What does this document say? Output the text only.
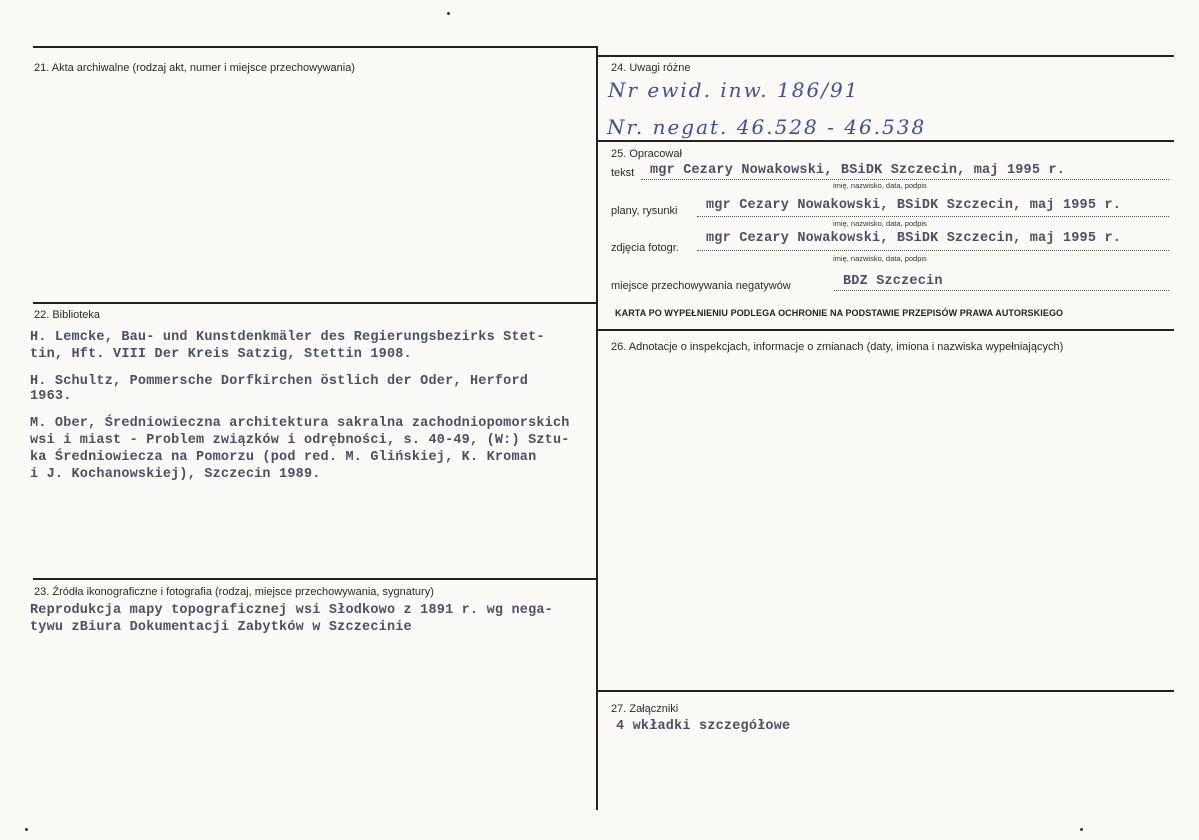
21. Akta archiwalne (rodzaj akt, numer i miejsce przechowywania)
22. Biblioteka
H. Lemcke, Bau- und Kunstdenkmäler des Regierungsbezirks Stet-
tin, Hft. VIII Der Kreis Satzig, Stettin 1908.
H. Schultz, Pommersche Dorfkirchen östlich der Oder, Herford
1963.
M. Ober, Średniowieczna architektura sakralna zachodniopomorskich
wsi i miast - Problem związków i odrębności, s. 40-49, (W:) Sztu-
ka Średniowiecza na Pomorzu (pod red. M. Glińskiej, K. Kroman
i J. Kochanowskiej), Szczecin 1989.
23. Źródła ikonograficzne i fotografia (rodzaj, miejsce przechowywania, sygnatury)
Reprodukcja mapy topograficznej wsi Słodkowo z 1891 r. wg nega-
tywu zBiura Dokumentacji Zabytków w Szczecinie
24. Uwagi różne
Nr ewid. inw. 186/91
Nr. negat. 46.528 - 46.538
25. Opracował
tekst mgr Cezary Nowakowski, BSiDK Szczecin, maj 1995 r.
imię, nazwisko, data, podpis
plany, rysunki mgr Cezary Nowakowski, BSiDK Szczecin, maj 1995 r.
imię, nazwisko, data, podpis
zdjęcia fotogr.
mgr Cezary Nowakowski, BSiDK Szczecin, maj 1995 r.
imię, nazwisko, data, podpis
miejsce przechowywania negatywów	BDZ Szczecin
KARTA PO WYPEŁNIENIU PODLEGA OCHRONIE NA PODSTAWIE PRZEPISÓW PRAWA AUTORSKIEGO
26. Adnotacje o inspekcjach, informacje o zmianach (daty, imiona i nazwiska wypełniających)
27. Załączniki
4 wkładki szczegółowe
